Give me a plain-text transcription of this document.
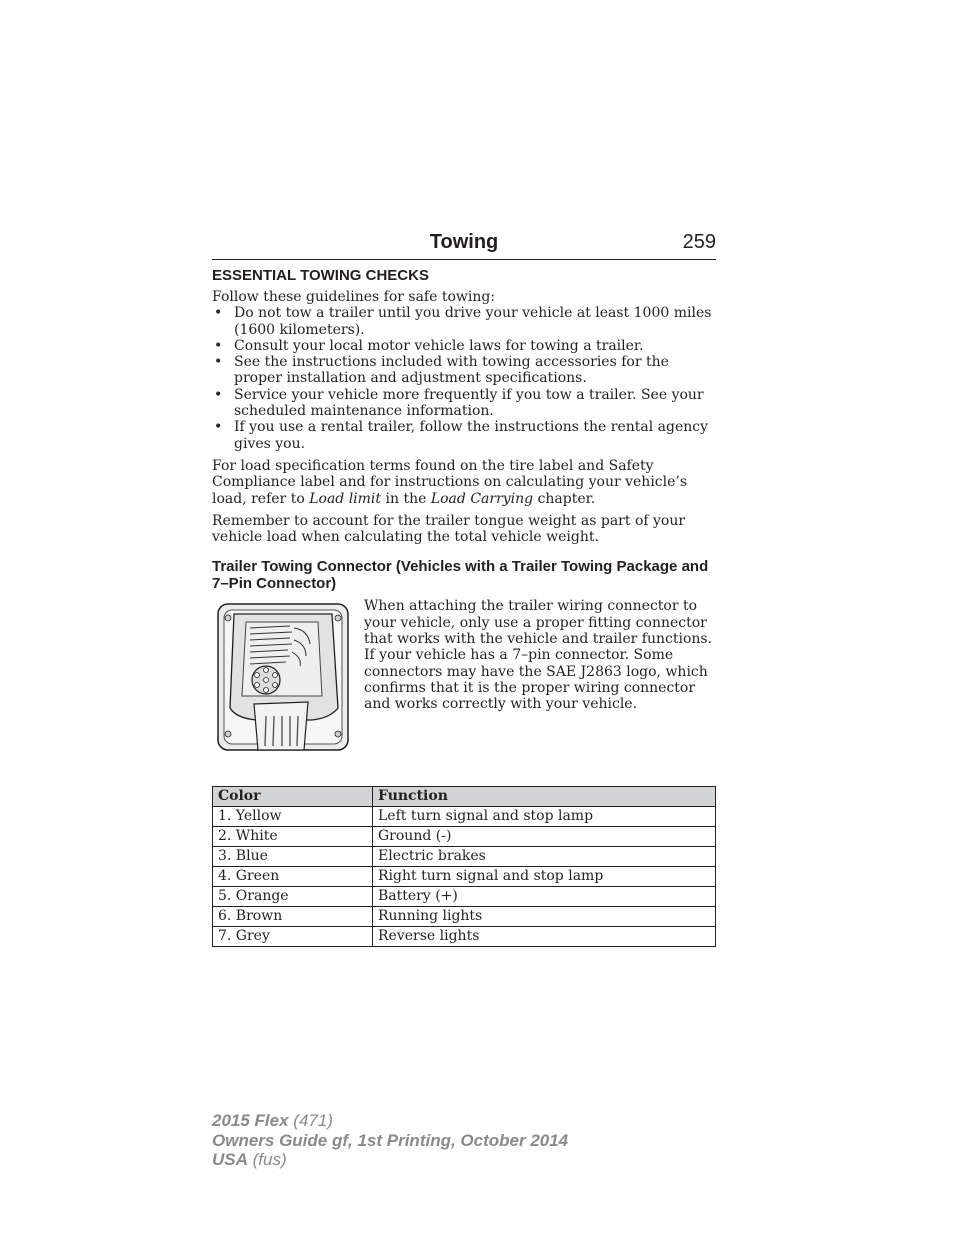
Towing	259
ESSENTIAL TOWING CHECKS

Follow these guidelines for safe towing:

• Do not tow a trailer until you drive your vehicle at least 1000 miles (1600 kilometers).
• Consult your local motor vehicle laws for towing a trailer.
• See the instructions included with towing accessories for the proper installation and adjustment specifications.
• Service your vehicle more frequently if you tow a trailer. See your scheduled maintenance information.
• If you use a rental trailer, follow the instructions the rental agency gives you.

For load specification terms found on the tire label and Safety Compliance label and for instructions on calculating your vehicle’s load, refer to Load limit in the Load Carrying chapter.

Remember to account for the trailer tongue weight as part of your vehicle load when calculating the total vehicle weight.

Trailer Towing Connector (Vehicles with a Trailer Towing Package and 7–Pin Connector)

When attaching the trailer wiring connector to your vehicle, only use a proper fitting connector that works with the vehicle and trailer functions. If your vehicle has a 7–pin connector. Some connectors may have the SAE J2863 logo, which confirms that it is the proper wiring connector and works correctly with your vehicle.

Color	Function
1. Yellow	Left turn signal and stop lamp
2. White	Ground (-)
3. Blue	Electric brakes
4. Green	Right turn signal and stop lamp
5. Orange	Battery (+)
6. Brown	Running lights
7. Grey	Reverse lights
2015 Flex (471)
Owners Guide gf, 1st Printing, October 2014
USA (fus)
